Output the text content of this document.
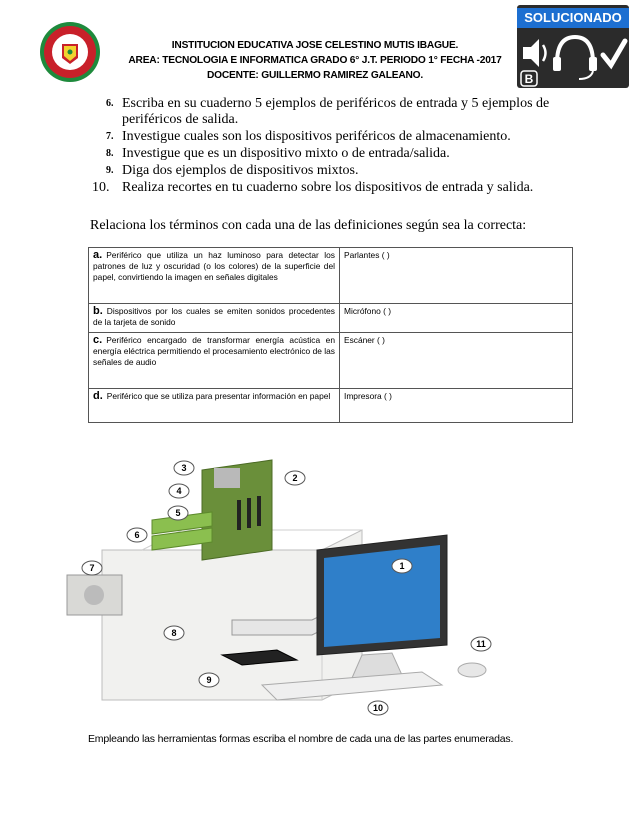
INSTITUCION EDUCATIVA JOSE CELESTINO MUTIS IBAGUE.
AREA: TECNOLOGIA E INFORMATICA GRADO 6° J.T. PERIODO 1° FECHA -2017
DOCENTE: GUILLERMO RAMIREZ GALEANO.
SOLUCIONADO
B
6. Escriba en su cuaderno 5 ejemplos de periféricos de entrada y 5 ejemplos de periféricos de salida.
7. Investigue cuales son los dispositivos periféricos de almacenamiento.
8. Investigue que es un dispositivo mixto o de entrada/salida.
9. Diga dos ejemplos de dispositivos mixtos.
10. Realiza recortes en tu cuaderno sobre los dispositivos de entrada y salida.
Relaciona los términos con cada una de las definiciones según sea la correcta:
a. Periférico que utiliza un haz luminoso para detectar los patrones de luz y oscuridad (o los colores) de la superficie del papel, convirtiendo la imagen en señales digitales	Parlantes ( )
b. Dispositivos por los cuales se emiten sonidos procedentes de la tarjeta de sonido	Micrófono ( )
c. Periférico encargado de transformar energía acústica en energía eléctrica permitiendo el procesamiento electrónico de las señales de audio	Escáner ( )
d. Periférico que se utiliza para presentar información en papel	Impresora ( )
1
2
3
4
5
6
7
8
9
10
11
Empleando las herramientas formas escriba el nombre de cada una de las partes enumeradas.
